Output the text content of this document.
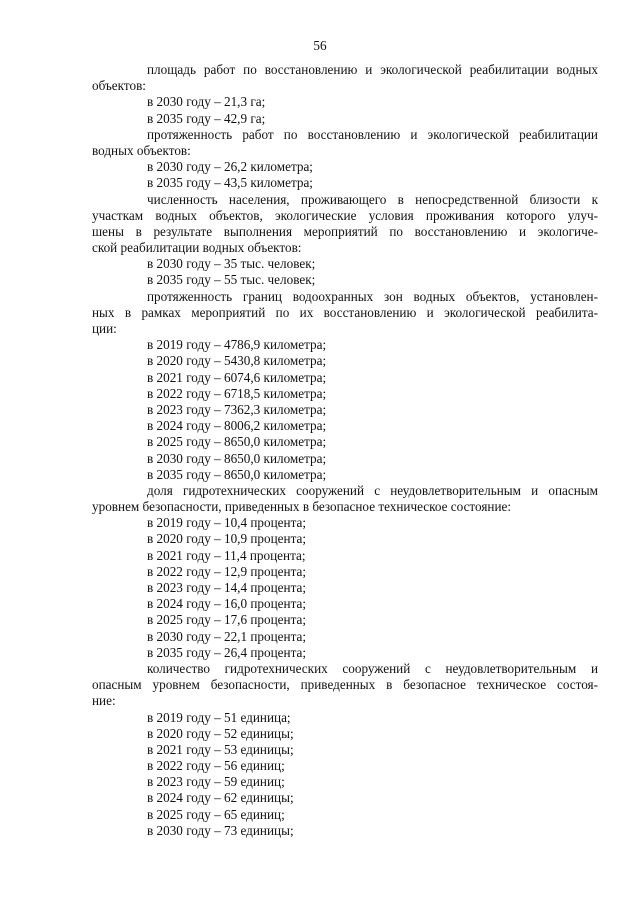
56
площадь работ по восстановлению и экологической реабилитации водных
объектов:
в 2030 году – 21,3 га;
в 2035 году – 42,9 га;
протяженность работ по восстановлению и экологической реабилитации
водных объектов:
в 2030 году – 26,2 километра;
в 2035 году – 43,5 километра;
численность населения, проживающего в непосредственной близости к
участкам водных объектов, экологические условия проживания которого улуч-
шены в результате выполнения мероприятий по восстановлению и экологиче-
ской реабилитации водных объектов:
в 2030 году – 35 тыс. человек;
в 2035 году – 55 тыс. человек;
протяженность границ водоохранных зон водных объектов, установлен-
ных в рамках мероприятий по их восстановлению и экологической реабилита-
ции:
в 2019 году – 4786,9 километра;
в 2020 году – 5430,8 километра;
в 2021 году – 6074,6 километра;
в 2022 году – 6718,5 километра;
в 2023 году – 7362,3 километра;
в 2024 году – 8006,2 километра;
в 2025 году – 8650,0 километра;
в 2030 году – 8650,0 километра;
в 2035 году – 8650,0 километра;
доля гидротехнических сооружений с неудовлетворительным и опасным
уровнем безопасности, приведенных в безопасное техническое состояние:
в 2019 году – 10,4 процента;
в 2020 году – 10,9 процента;
в 2021 году – 11,4 процента;
в 2022 году – 12,9 процента;
в 2023 году – 14,4 процента;
в 2024 году – 16,0 процента;
в 2025 году – 17,6 процента;
в 2030 году – 22,1 процента;
в 2035 году – 26,4 процента;
количество гидротехнических сооружений с неудовлетворительным и
опасным уровнем безопасности, приведенных в безопасное техническое состоя-
ние:
в 2019 году – 51 единица;
в 2020 году – 52 единицы;
в 2021 году – 53 единицы;
в 2022 году – 56 единиц;
в 2023 году – 59 единиц;
в 2024 году – 62 единицы;
в 2025 году – 65 единиц;
в 2030 году – 73 единицы;
